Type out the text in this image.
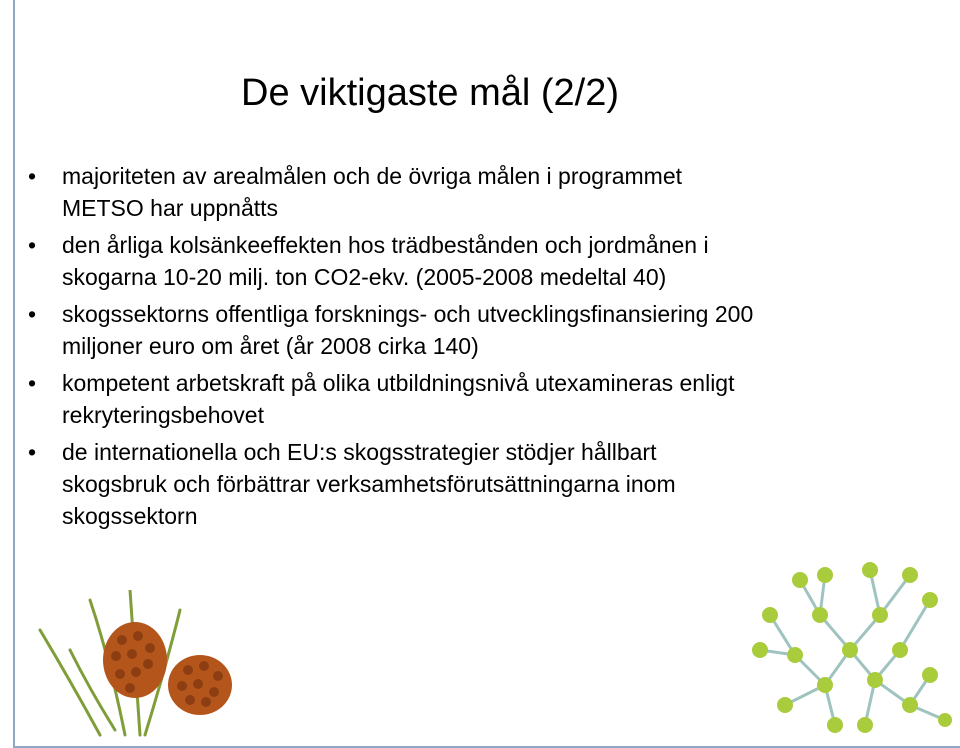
De viktigaste mål (2/2)
• majoriteten av arealmålen och de övriga målen i programmet
METSO har uppnåtts
• den årliga kolsänkeeffekten hos trädbestånden och jordmånen i
skogarna 10-20 milj. ton CO2-ekv. (2005-2008 medeltal 40)
• skogssektorns offentliga forsknings- och utvecklingsfinansiering 200
miljoner euro om året (år 2008 cirka 140)
• kompetent arbetskraft på olika utbildningsnivå utexamineras enligt
rekryteringsbehovet
• de internationella och EU:s skogsstrategier stödjer hållbart
skogsbruk och förbättrar verksamhetsförutsättningarna inom
skogssektorn
